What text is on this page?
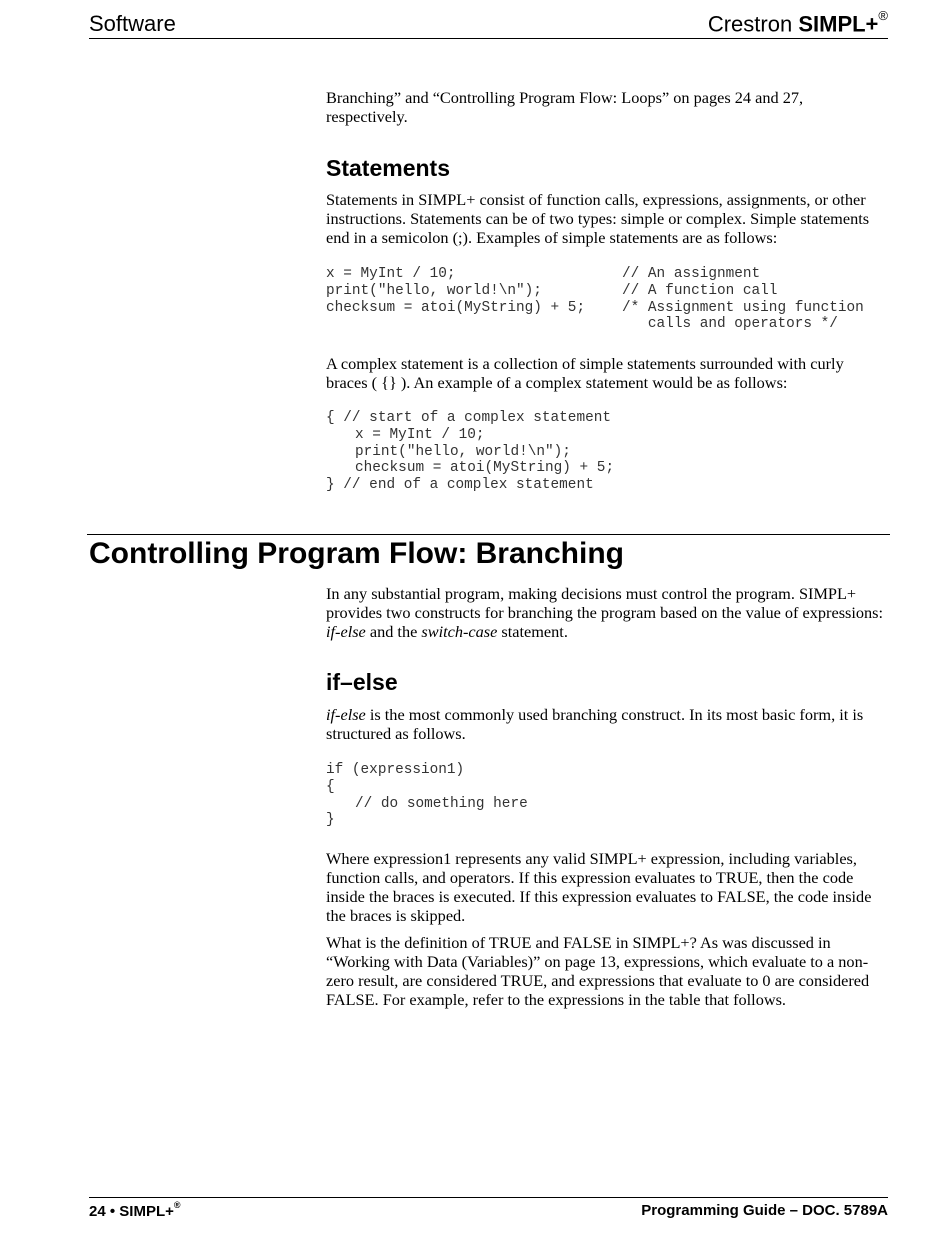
Software	Crestron SIMPL+®

Branching” and “Controlling Program Flow: Loops” on pages 24 and 27, respectively.

Statements

Statements in SIMPL+ consist of function calls, expressions, assignments, or other instructions. Statements can be of two types: simple or complex. Simple statements end in a semicolon (;). Examples of simple statements are as follows:

x = MyInt / 10;	// An assignment
print("hello, world!\n");	// A function call
checksum = atoi(MyString) + 5;	/* Assignment using function
calls and operators */

A complex statement is a collection of simple statements surrounded with curly braces ( {} ). An example of a complex statement would be as follows:

{ // start of a complex statement
x = MyInt / 10;
print("hello, world!\n");
checksum = atoi(MyString) + 5;
} // end of a complex statement
Controlling Program Flow: Branching

In any substantial program, making decisions must control the program. SIMPL+ provides two constructs for branching the program based on the value of expressions: if-else and the switch-case statement.

if–else

if-else is the most commonly used branching construct. In its most basic form, it is structured as follows.

if (expression1)
{
// do something here
}

Where expression1 represents any valid SIMPL+ expression, including variables, function calls, and operators. If this expression evaluates to TRUE, then the code inside the braces is executed. If this expression evaluates to FALSE, the code inside the braces is skipped.

What is the definition of TRUE and FALSE in SIMPL+? As was discussed in “Working with Data (Variables)” on page 13, expressions, which evaluate to a non-zero result, are considered TRUE, and expressions that evaluate to 0 are considered FALSE. For example, refer to the expressions in the table that follows.

24 • SIMPL+®	Programming Guide – DOC. 5789A
